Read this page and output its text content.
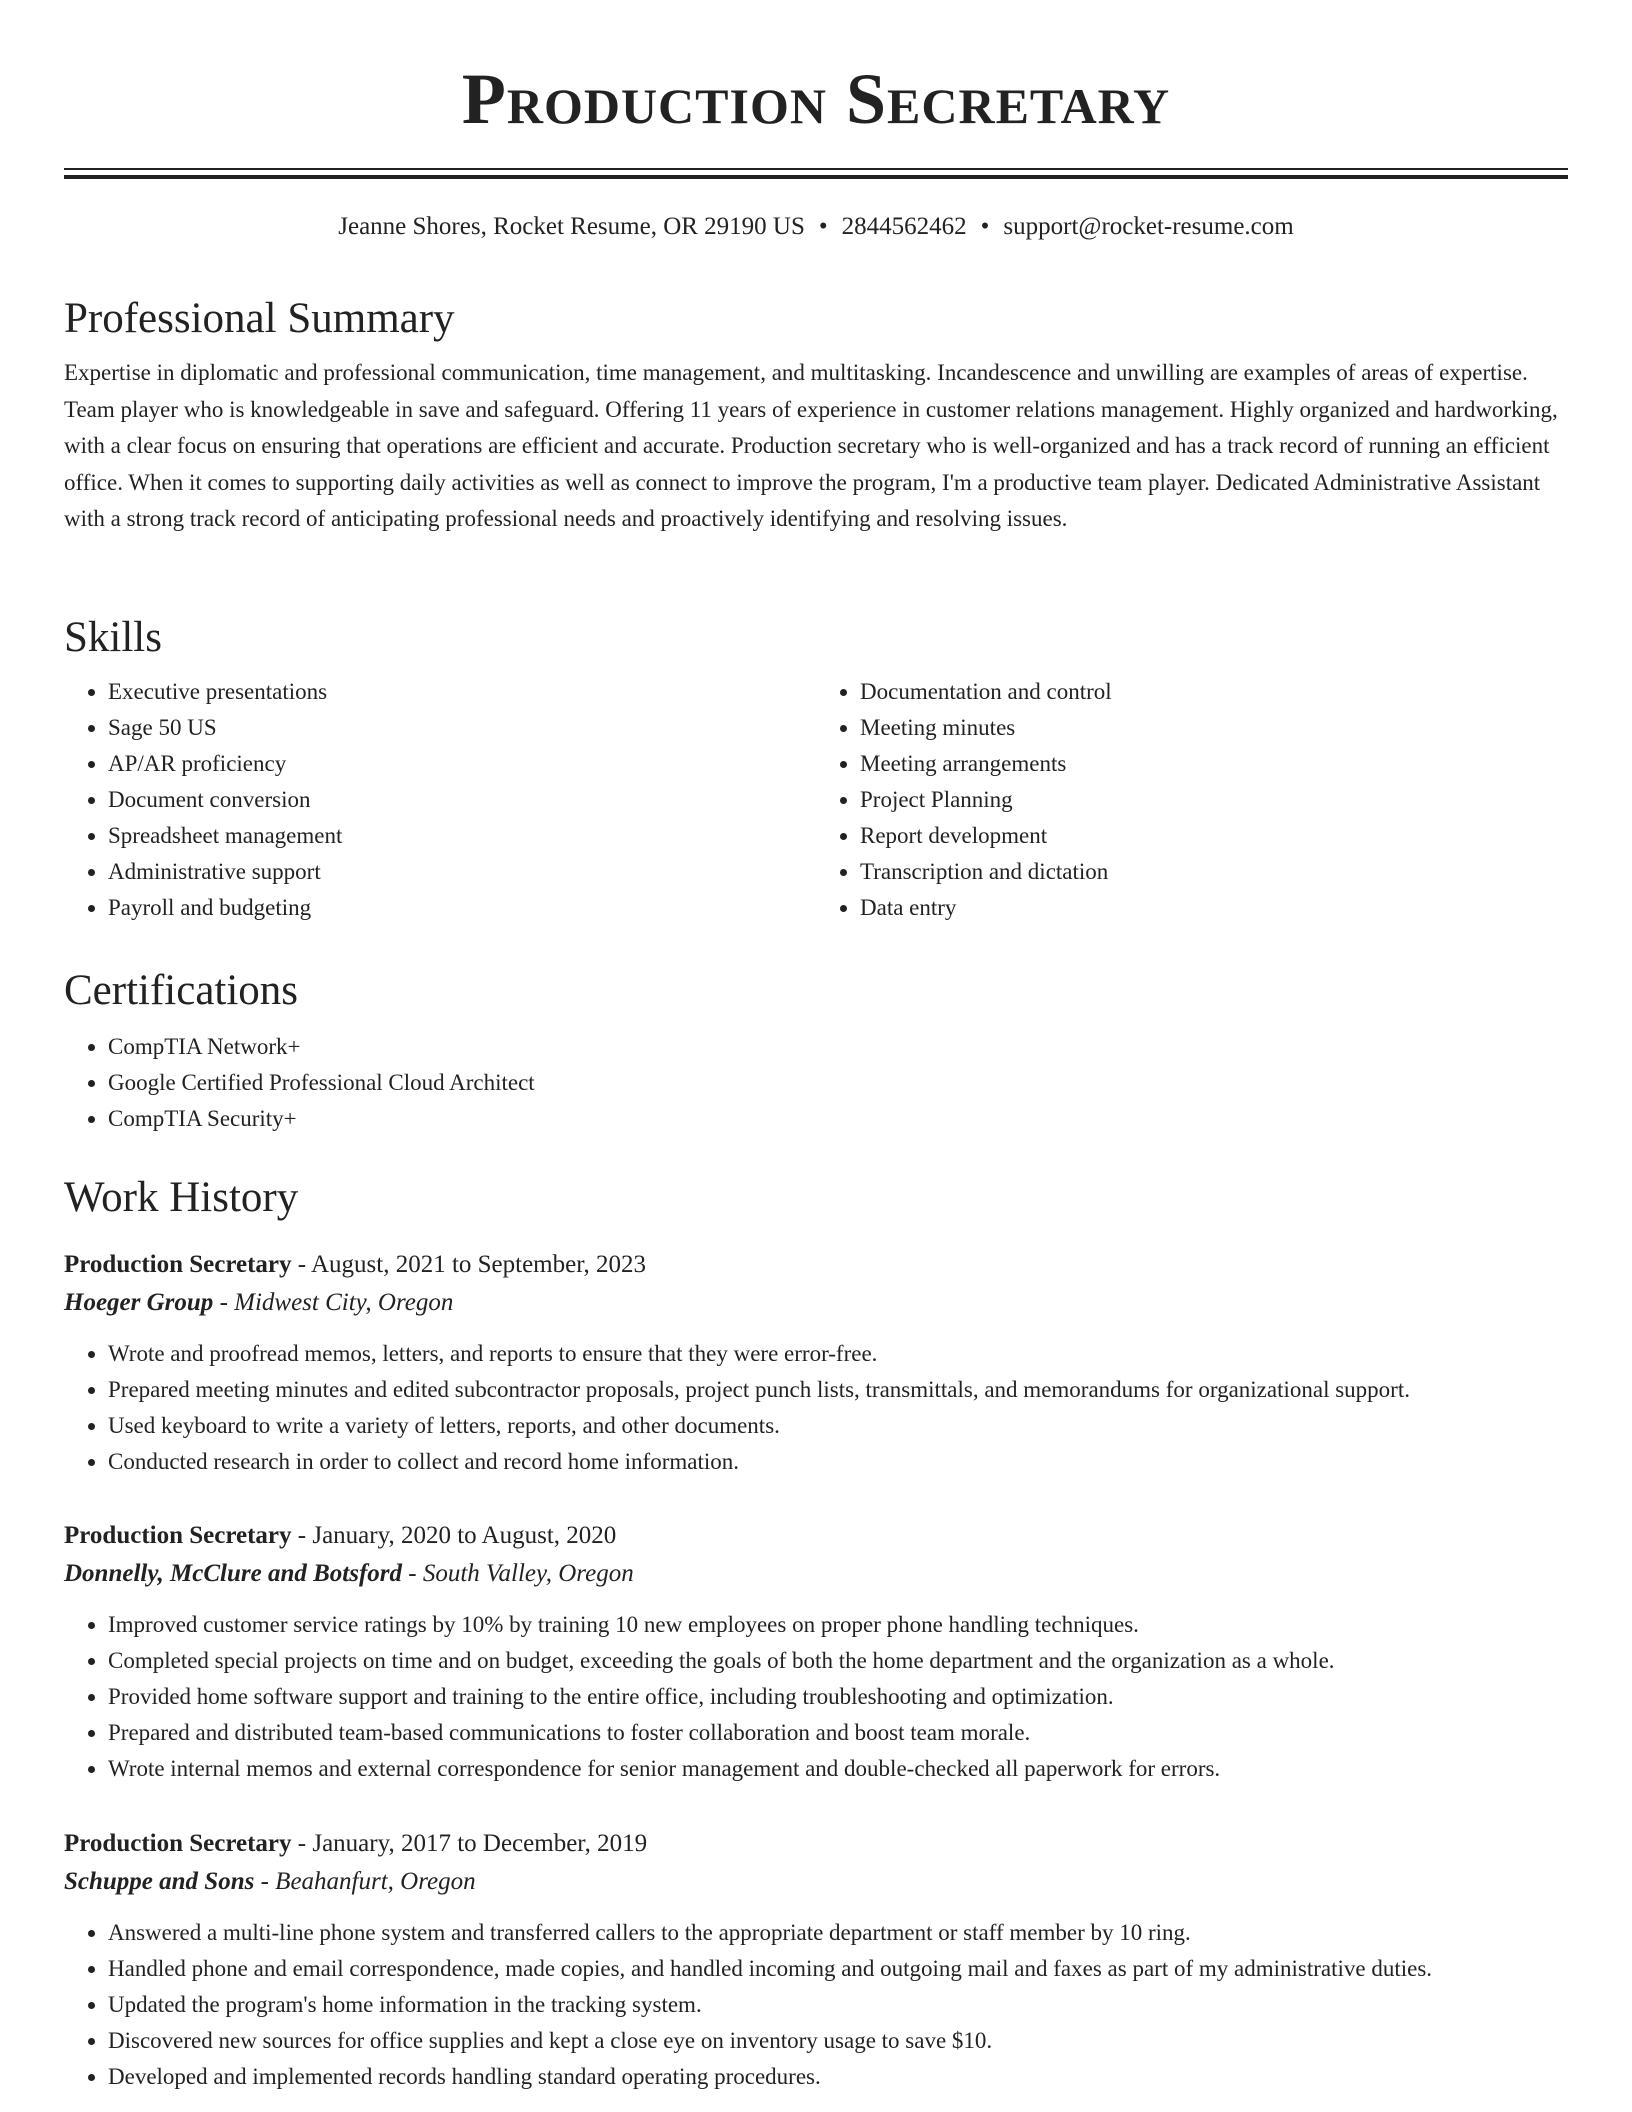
Production Secretary
Jeanne Shores, Rocket Resume, OR 29190 US • 2844562462 • support@rocket-resume.com
Professional Summary

Expertise in diplomatic and professional communication, time management, and multitasking. Incandescence and unwilling are examples of areas of expertise. Team player who is knowledgeable in save and safeguard. Offering 11 years of experience in customer relations management. Highly organized and hardworking, with a clear focus on ensuring that operations are efficient and accurate. Production secretary who is well-organized and has a track record of running an efficient office. When it comes to supporting daily activities as well as connect to improve the program, I'm a productive team player. Dedicated Administrative Assistant with a strong track record of anticipating professional needs and proactively identifying and resolving issues.

Skills
• Executive presentations
• Sage 50 US
• AP/AR proficiency
• Document conversion
• Spreadsheet management
• Administrative support
• Payroll and budgeting
• Documentation and control
• Meeting minutes
• Meeting arrangements
• Project Planning
• Report development
• Transcription and dictation
• Data entry
Certifications
• CompTIA Network+
• Google Certified Professional Cloud Architect
• CompTIA Security+
Work History
Production Secretary - August, 2021 to September, 2023
Hoeger Group - Midwest City, Oregon
• Wrote and proofread memos, letters, and reports to ensure that they were error-free.
• Prepared meeting minutes and edited subcontractor proposals, project punch lists, transmittals, and memorandums for organizational support.
• Used keyboard to write a variety of letters, reports, and other documents.
• Conducted research in order to collect and record home information.
Production Secretary - January, 2020 to August, 2020
Donnelly, McClure and Botsford - South Valley, Oregon
• Improved customer service ratings by 10% by training 10 new employees on proper phone handling techniques.
• Completed special projects on time and on budget, exceeding the goals of both the home department and the organization as a whole.
• Provided home software support and training to the entire office, including troubleshooting and optimization.
• Prepared and distributed team-based communications to foster collaboration and boost team morale.
• Wrote internal memos and external correspondence for senior management and double-checked all paperwork for errors.
Production Secretary - January, 2017 to December, 2019
Schuppe and Sons - Beahanfurt, Oregon
• Answered a multi-line phone system and transferred callers to the appropriate department or staff member by 10 ring.
• Handled phone and email correspondence, made copies, and handled incoming and outgoing mail and faxes as part of my administrative duties.
• Updated the program's home information in the tracking system.
• Discovered new sources for office supplies and kept a close eye on inventory usage to save $10.
• Developed and implemented records handling standard operating procedures.
